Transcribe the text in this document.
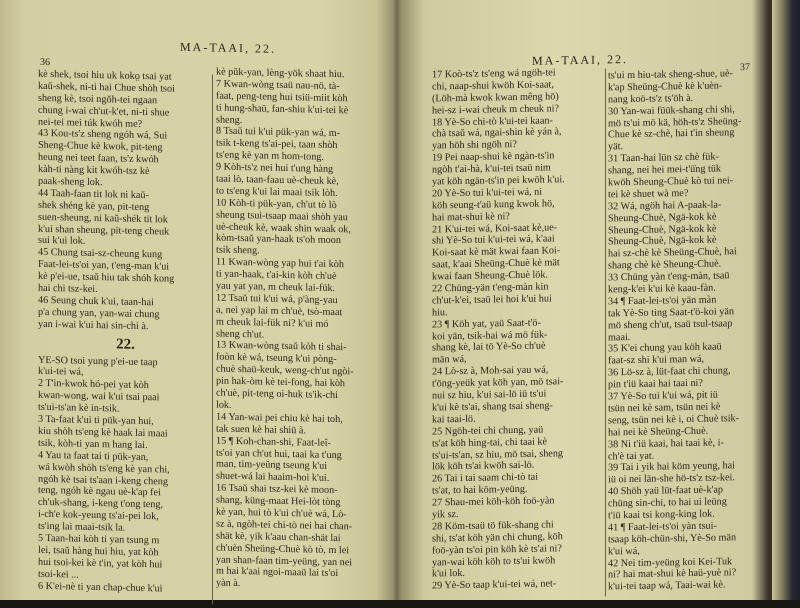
36
MA-TAAI, 22.
kè shek, tsoi hiu uk koko̤ tsai yat
kaŭ-shek, ni-ti hai Chue shòh tsoi
sheng kè, tsoi ngŏh-tei ngaan
chung i-wai ch'ut-k'et, ni-ti shue
nei-tei mei túk kwóh me?
43 Kou-ts'z sheng ngóh wá, Sui
Sheng-Chue kè kwok, pit-teng
heung nei teet faan, ts'z kwóh
kàh-ti nàng kit kwóh-tsz kè
paak-sheng lok.
44 Taah-faan tit lok ni kaŭ-
shek shéng kè yan, pit-teng
suen-sheung, ni kaŭ-shék tit lok
k'ui shan sheung, pit-teng cheuk
sui k'ui lok.
45 Chung tsai-sz-cheung kung
Faat-lei-ts'oi yan, t'eng-man k'ui
kè p'ei-ue, tsaŭ hiu tak shóh kong
hai chi tsz-kei.
46 Seung chuk k'ui, taan-hai
p'a chung yan, yan-wai chung
yan i-wai k'ui hai sin-chi à.
22.
YE-SO tsoi yung p'ei-ue taap
k'ui-tei wá,
2 T'in-kwok hó-pei yat kòh
kwan-wong, wai k'ui tsai paai
ts'ui-ts'an kè in-tsik.
3 Ta-faat k'ui ti pük-yan hui,
kiu shòh ts'eng kè haak lai maai
tsik, kòh-ti yan m hang lai.
4 Yau ta faat tai ti pük-yan,
wá kwòh shòh ts'eng kè yan chi,
ngóh kè tsai ts'aan i-keng cheng
teng, ngóh kè ngau uè-k'ap fei
ch'uk-shang, i-keng t'ong teng,
i-ch'e kok-yeung ts'ai-pei lok,
ts'ing lai maai-tsik la.
5 Taan-hai kòh ti yan tsung m
lei, tsaŭ hàng hui hiu, yat kòh
hui tsoi-kei kè t'in, yat kòh hui
tsoi-kei ...
6 K'ei-nè ti yan chap-chue k'ui
kè pŭk-yan, lèng-yök shaat hiu.
7 Kwan-wòng tsaü nau-nö, tà-
faat, peng-teng hui tsiü-miit kòh
ti hung-shaü, fan-shiu k'ui-tei kè
sheng.
8 Tsaŭ tui k'ui pük-yan wá, m-
tsik t-keng ts'ai-pei, taan shòh
ts'eng kè yan m hom-tong.
9 Kòh-ts'z nei hui t'ung hàng
taai lò, taan-faau uè-cheuk kè,
to ts'eng k'ui lai maai tsik lòh.
10 Kòh-ti pük-yan, ch'ut tò lò
sheung tsui-tsaap maai shòh yau
uè-cheuk kè, waak shin waak ok,
kòm-tsaŭ yan-haak ts'oh moon
tsik sheng.
11 Kwan-wòng yap hui t'ai kòh
ti yan-haak, t'ai-kin kòh ch'uè
yau yat yan, m cheuk lai-fük.
12 Tsaŭ tui k'ui wá, p'àng-yau
a, nei yap lai m ch'uè, tsò-maat
m cheuk lai-fük ni? k'ui mó
sheng ch'ut.
13 Kwan-wòng tsaŭ kòh ti shai-
foòn kè wá, tseung k'ui pòng-
chuè shaü-keuk, weng-ch'ut ngòi-
pin hak-òm kè tei-fong, hai kòh
ch'uè, pit-teng oi-huk ts'ik-chi
lok.
14 Yan-wai pei chiu kè hai toh,
tak suen kè hai shiü à.
15 ¶ Koh-chan-shi, Faat-leî-
ts'oi yan ch'ut hui, taai ka t'ung
man, tim-yeŭng tseung k'ui
shuet-wá lai haaim-hoi k'ui.
16 Tsaŭ shai tsz-kei kè moon-
shang, küng-maat Hei-lòt tòng
kè yan, hui tò k'ui ch'uè wá, Lò-
sz à, ngòh-tei chi-tò nei hai chan-
shät kè, yik k'aau chan-shät lai
ch'uèn Sheüng-Chuè kò tò, m lei
yan shan-faan tim-yeüng, yan nei
m hai k'aai ngoi-maaü lai ts'oi
yàn à.
37
MA-TAAI, 22.
17 Koò-ts'z ts'eng wá ngöh-tei
chi, naap-shui kwöh Koi-saat,
(Löh-mà kwok kwan mêng hö)
hei-sz i-wai cheuk m cheuk ni?
18 Yè-So chi-tò k'ui-tei kaan-
chà tsaŭ wá, ngai-shin kè yán à,
yan höh shi ngöh ni?
19 Pei naap-shui kè ngàn-ts'in
ngòh t'ai-hà, k'ui-tei tsaü nim
yat köh ngän-ts'in pei kwöh k'ui.
20 Yè-So tui k'ui-tei wá, ni
köh seung-t'aü kung kwok hö,
hai mat-shui kè ni?
21 K'ui-tei wá, Koi-saat kè,ue-
shi Yè-So tui k'ui-tei wá, k'aai
Koi-saat kè mät kwai faan Koi-
saat, k'aai Sheüng-Chuè kè mät
kwai faan Sheung-Chuè lök.
22 Chüng-yän t'eng-màn kin
ch'ut-k'ei, tsaü lei hoi k'ui hui
hiu.
23 ¶ Köh yat, yaü Saat-t'ö-
koi yän, tsik-hai wá mö fük-
shang kè, lai tö Yè-So ch'uè
män wá,
24 Lò-sz à, Moh-sai yau wá,
t'öng-yeük yat köh yan, mö tsai-
nui sz hiu, k'ui sai-lö iü ts'ui
k'ui kè ts'ai, shang tsai sheng-
kai taai-lö.
25 Ngöh-tei chi chung, yaü
ts'at köh hing-tai, chi taai kè
ts'ui-ts'an, sz hiu, mö tsai, sheng
lök köh ts'ai kwöh sai-lö.
26 Tai i tai saam chi-tò tai
ts'at, to hai köm-yeüng.
27 Shau-mei köh-köh foö-yàn
yik sz.
28 Köm-tsaü tö fük-shang chi
shi, ts'at köh yän chi chung, köh
foö-yàn ts'oi pin köh kè ts'ai ni?
yan-wai köh köh to ts'ui kwöh
k'ui lok.
29 Yè-So taap k'ui-tei wá, net-
ts'ui m hiu-tak sheng-shue, uè-
k'ap Sheüng-Chuè kè k'uèn-
nang koö-ts'z ts'öh à.
30 Yan-wai füük-shang chi shi,
mö ts'ui mö kä, höh-ts'z Sheüng-
Chue kè sz-chè, hai t'in sheung
yät.
31 Taan-hai lün sz chè fük-
shang, nei hei mei-t'ü̇ng tük
kwöh Sheung-Chuè kò tui nei-
tei kè shuet wà me?
32 Wá, ngöh hai A-paak-la-
Sheung-Chuè, Ngä-kok kè
Sheung-Chuè, Ngä-kok kè
Sheung-Chuè, Ngä-kok kè
hai sz-chè kè Sheüng-Chuè, hai
shang chè kè Sheung-Chuè.
33 Chüng yàn t'eng-màn, tsaü
keng-k'ei k'ui kè kaau-fàn.
34 ¶ Faat-lei-ts'oi yän màn
tak Yè-So ting Saat-t'ö-koi yän
mö sheng ch'ut, tsaü tsul-tsaap
maai.
35 K'ei chung yau köh kaaü
faat-sz shi k'ui man wá,
36 Lö-sz à, lüt-faat chi chung,
pin t'iü kaai hai taai ni?
37 Yè-So tui k'ui wá, pit iü
tsün nei kè sam, tsün nei kè
seng, tsün nei kè i, oi Chuè tsik-
hai nei kè Sheüng-Chuè.
38 Ni t'iü kaai, hai taai kè, i-
ch'è tai yat.
39 Tai i yik hai köm yeung, hai
iü oi nei län-she hö-ts'z tsz-kei.
40 Shöh yaü lüt-faat uè-k'ap
chüng sin-chi, to hai ui leüng
t'iü kaai tsi kong-king lok.
41 ¶ Faat-lei-ts'oi yàn tsui-
tsaap köh-chün-shi, Yè-So män
k'ui wá,
42 Nei tim-yeüng koi Kei-Tuk
ni? hai mat-shui kè haü-yuè ni?
k'ui-tei taap wá, Taai-wai kè.
